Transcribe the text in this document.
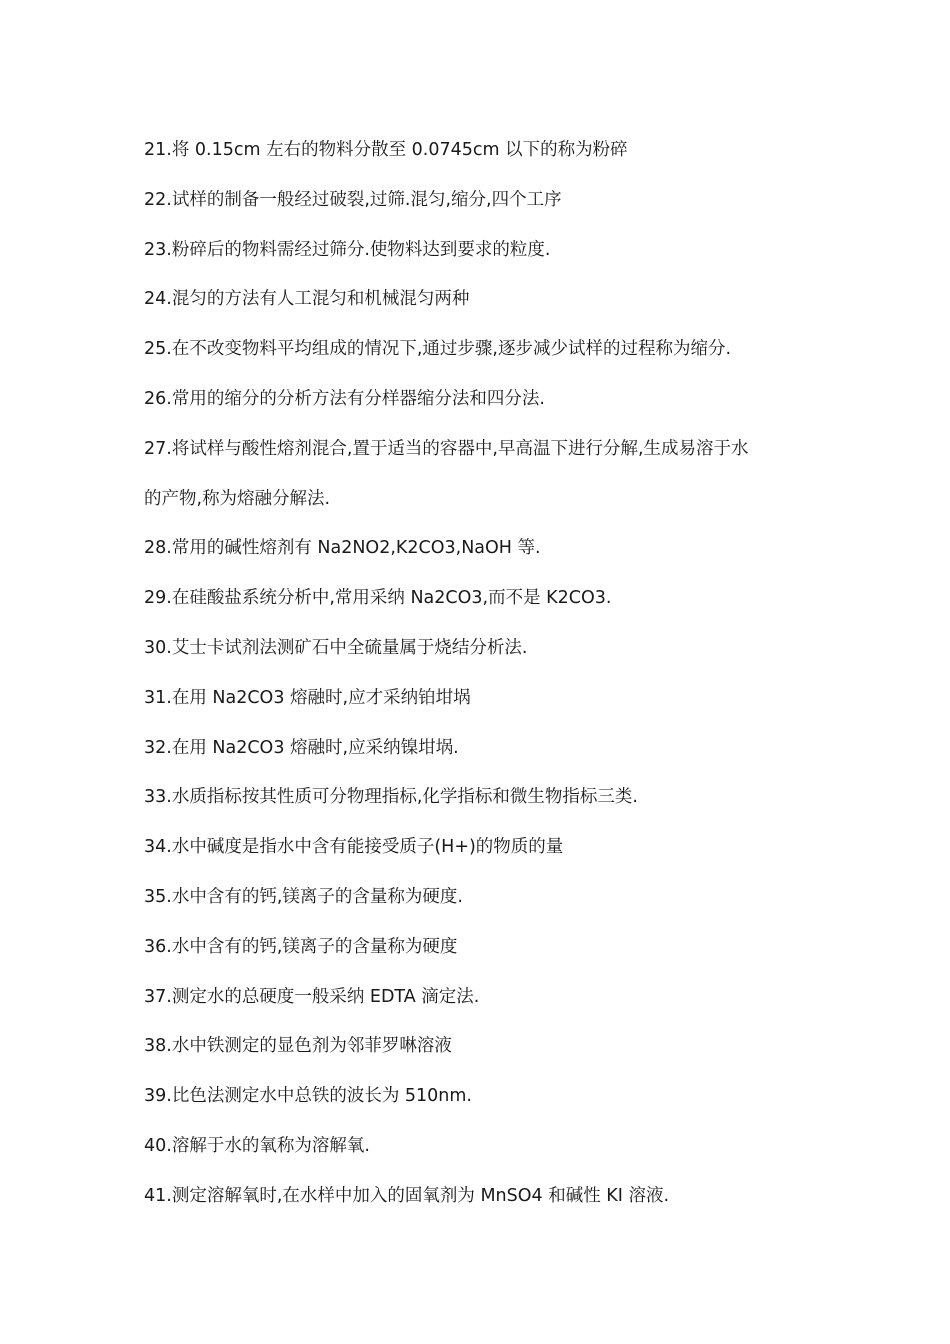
21.将 0.15cm 左右的物料分散至 0.0745cm 以下的称为粉碎
22.试样的制备一般经过破裂,过筛.混匀,缩分,四个工序
23.粉碎后的物料需经过筛分.使物料达到要求的粒度.
24.混匀的方法有人工混匀和机械混匀两种
25.在不改变物料平均组成的情况下,通过步骤,逐步减少试样的过程称为缩分.
26.常用的缩分的分析方法有分样器缩分法和四分法.
27.将试样与酸性熔剂混合,置于适当的容器中,早高温下进行分解,生成易溶于水
的产物,称为熔融分解法.
28.常用的碱性熔剂有 Na2NO2,K2CO3,NaOH 等.
29.在硅酸盐系统分析中,常用采纳 Na2CO3,而不是 K2CO3.
30.艾士卡试剂法测矿石中全硫量属于烧结分析法.
31.在用 Na2CO3 熔融时,应才采纳铂坩埚
32.在用 Na2CO3 熔融时,应采纳镍坩埚.
33.水质指标按其性质可分物理指标,化学指标和微生物指标三类.
34.水中碱度是指水中含有能接受质子(H+)的物质的量
35.水中含有的钙,镁离子的含量称为硬度.
36.水中含有的钙,镁离子的含量称为硬度
37.测定水的总硬度一般采纳 EDTA 滴定法.
38.水中铁测定的显色剂为邻菲罗啉溶液
39.比色法测定水中总铁的波长为 510nm.
40.溶解于水的氧称为溶解氧.
41.测定溶解氧时,在水样中加入的固氧剂为 MnSO4 和碱性 KI 溶液.
